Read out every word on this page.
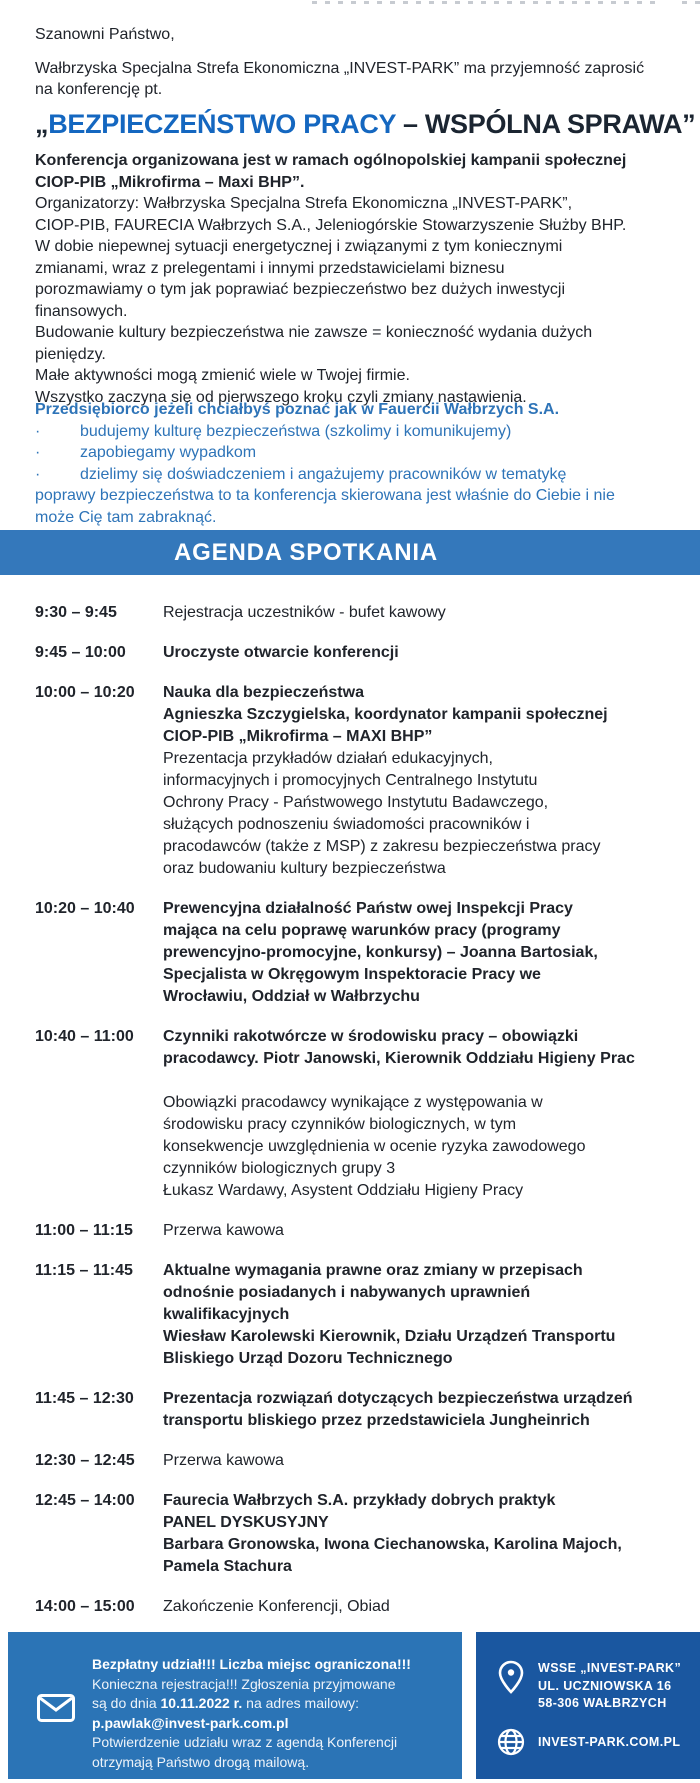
Szanowni Państwo,
Wałbrzyska Specjalna Strefa Ekonomiczna „INVEST-PARK” ma przyjemność zaprosić
na konferencję pt.
„BEZPIECZEŃSTWO PRACY – WSPÓLNA SPRAWA”
Konferencja organizowana jest w ramach ogólnopolskiej kampanii społecznej
CIOP-PIB „Mikrofirma – Maxi BHP”.
Organizatorzy: Wałbrzyska Specjalna Strefa Ekonomiczna „INVEST-PARK”,
CIOP-PIB, FAURECIA Wałbrzych S.A., Jeleniogórskie Stowarzyszenie Służby BHP.
W dobie niepewnej sytuacji energetycznej i związanymi z tym koniecznymi
zmianami, wraz z prelegentami i innymi przedstawicielami biznesu
porozmawiamy o tym jak poprawiać bezpieczeństwo bez dużych inwestycji
finansowych.
Budowanie kultury bezpieczeństwa nie zawsze = konieczność wydania dużych
pieniędzy.
Małe aktywności mogą zmienić wiele w Twojej firmie.
Wszystko zaczyna się od pierwszego kroku czyli zmiany nastawienia.
Przedsiębiorco jeżeli chciałbyś poznać jak w Fauercii Wałbrzych S.A.
·	budujemy kulturę bezpieczeństwa (szkolimy i komunikujemy)
·	zapobiegamy wypadkom
·	dzielimy się doświadczeniem i angażujemy pracowników w tematykę
poprawy bezpieczeństwa to ta konferencja skierowana jest właśnie do Ciebie i nie
może Cię tam zabraknąć.
AGENDA SPOTKANIA
9:30 – 9:45	Rejestracja uczestników - bufet kawowy
9:45 – 10:00	Uroczyste otwarcie konferencji
10:00 – 10:20	Nauka dla bezpieczeństwa
Agnieszka Szczygielska, koordynator kampanii społecznej
CIOP-PIB „Mikrofirma – MAXI BHP”
Prezentacja przykładów działań edukacyjnych,
informacyjnych i promocyjnych Centralnego Instytutu
Ochrony Pracy - Państwowego Instytutu Badawczego,
służących podnoszeniu świadomości pracowników i
pracodawców (także z MSP) z zakresu bezpieczeństwa pracy
oraz budowaniu kultury bezpieczeństwa
10:20 – 10:40	Prewencyjna działalność Państw owej Inspekcji Pracy
mająca na celu poprawę warunków pracy (programy
prewencyjno-promocyjne, konkursy) – Joanna Bartosiak,
Specjalista w Okręgowym Inspektoracie Pracy we
Wrocławiu, Oddział w Wałbrzychu
10:40 – 11:00	Czynniki rakotwórcze w środowisku pracy – obowiązki
pracodawcy. Piotr Janowski, Kierownik Oddziału Higieny Prac
Obowiązki pracodawcy wynikające z występowania w
środowisku pracy czynników biologicznych, w tym
konsekwencje uwzględnienia w ocenie ryzyka zawodowego
czynników biologicznych grupy 3
Łukasz Wardawy, Asystent Oddziału Higieny Pracy
11:00 – 11:15	Przerwa kawowa
11:15 – 11:45	Aktualne wymagania prawne oraz zmiany w przepisach
odnośnie posiadanych i nabywanych uprawnień
kwalifikacyjnych
Wiesław Karolewski Kierownik, Działu Urządzeń Transportu
Bliskiego Urząd Dozoru Technicznego
11:45 – 12:30	Prezentacja rozwiązań dotyczących bezpieczeństwa urządzeń
transportu bliskiego przez przedstawiciela Jungheinrich
12:30 – 12:45	Przerwa kawowa
12:45 – 14:00	Faurecia Wałbrzych S.A. przykłady dobrych praktyk
PANEL DYSKUSYJNY
Barbara Gronowska, Iwona Ciechanowska, Karolina Majoch,
Pamela Stachura
14:00 – 15:00	Zakończenie Konferencji, Obiad
Bezpłatny udział!!! Liczba miejsc ograniczona!!!
Konieczna rejestracja!!! Zgłoszenia przyjmowane
są do dnia 10.11.2022 r. na adres mailowy:
p.pawlak@invest-park.com.pl
Potwierdzenie udziału wraz z agendą Konferencji
otrzymają Państwo drogą mailową.
WSSE „INVEST-PARK”
UL. UCZNIOWSKA 16
58-306 WAŁBRZYCH
INVEST-PARK.COM.PL
